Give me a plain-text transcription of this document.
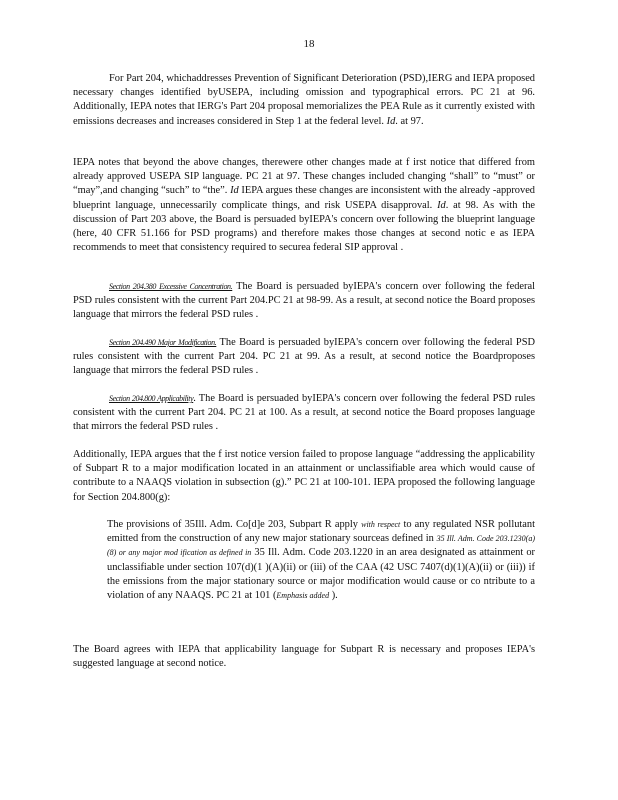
18

For Part 204, whichaddresses Prevention of Significant Deterioration (PSD),IERG and IEPA proposed necessary changes identified byUSEPA, including omission and typographical errors. PC 21 at 96. Additionally, IEPA notes that IERG's Part 204 proposal memorializes the PEA Rule as it currently existed with emissions decreases and increases considered in Step 1 at the federal level. Id. at 97.

IEPA notes that beyond the above changes, therewere other changes made at f irst notice that differed from already approved USEPA SIP language. PC 21 at 97. These changes included changing “shall” to “must” or “may”,and changing “such” to “the”. Id IEPA argues these changes are inconsistent with the already -approved blueprint language, unnecessarily complicate things, and risk USEPA disapproval. Id. at 98. As with the discussion of Part 203 above, the Board is persuaded byIEPA's concern over following the blueprint language (here, 40 CFR 51.166 for PSD programs) and therefore makes those changes at second notic e as IEPA recommends to meet that consistency required to securea federal SIP approval .

Section 204.380 Excessive Concentration. The Board is persuaded byIEPA's concern over following the federal PSD rules consistent with the current Part 204.PC 21 at 98-99. As a result, at second notice the Board proposes language that mirrors the federal PSD rules .

Section 204.490 Major Modification. The Board is persuaded byIEPA's concern over following the federal PSD rules consistent with the current Part 204. PC 21 at 99. As a result, at second notice the Boardproposes language that mirrors the federal PSD rules .

Section 204.800 Applicability. The Board is persuaded byIEPA's concern over following the federal PSD rules consistent with the current Part 204. PC 21 at 100. As a result, at second notice the Board proposes language that mirrors the federal PSD rules .

Additionally, IEPA argues that the f irst notice version failed to propose language “addressing the applicability of Subpart R to a major modification located in an attainment or unclassifiable area which would cause of contribute to a NAAQS violation in subsection (g).” PC 21 at 100-101. IEPA proposed the following language for Section 204.800(g):

The provisions of 35Ill. Adm. Co[d]e 203, Subpart R apply with respect to any regulated NSR pollutant emitted from the construction of any new major stationary sourceas defined in 35 Ill. Adm. Code 203.1230(a)(8) or any major mod ification as defined in 35 Ill. Adm. Code 203.1220 in an area designated as attainment or unclassifiable under section 107(d)(1 )(A)(ii) or (iii) of the CAA (42 USC 7407(d)(1)(A)(ii) or (iii)) if the emissions from the major stationary source or major modification would cause or co ntribute to a violation of any NAAQS. PC 21 at 101 (Emphasis added ).

The Board agrees with IEPA that applicability language for Subpart R is necessary and proposes IEPA's suggested language at second notice.
